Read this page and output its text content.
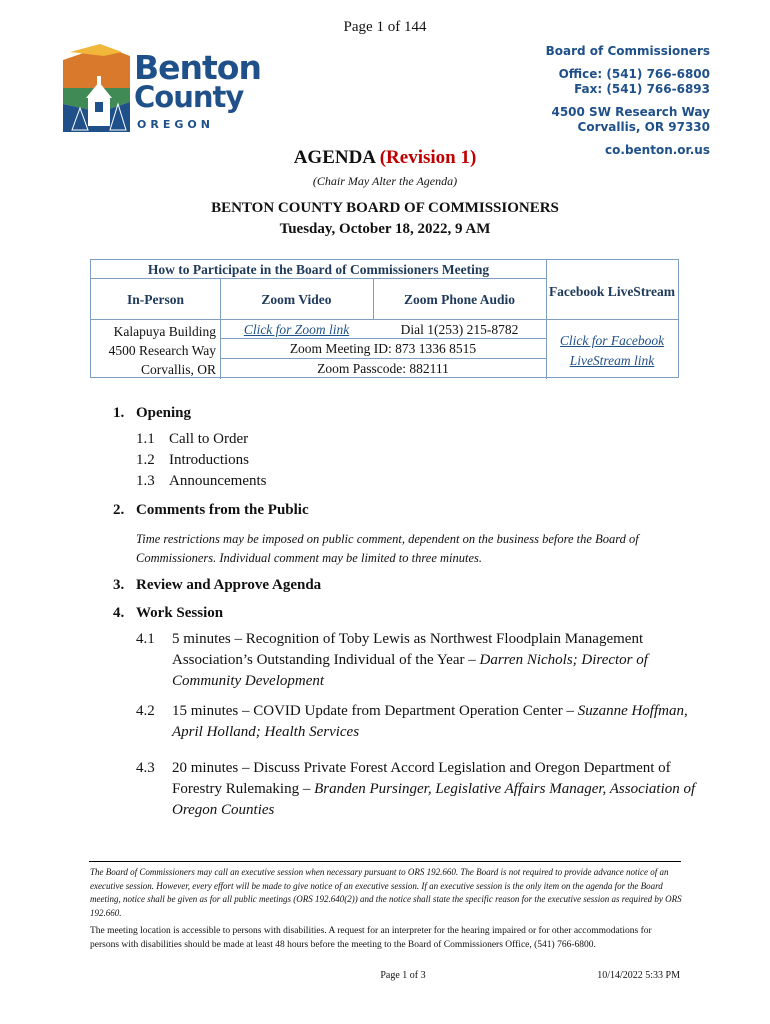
Page 1 of 144
Benton
County
OREGON
Board of Commissioners
Office: (541) 766-6800
Fax: (541) 766-6893
4500 SW Research Way
Corvallis, OR 97330
co.benton.or.us
AGENDA (Revision 1)
(Chair May Alter the Agenda)
BENTON COUNTY BOARD OF COMMISSIONERS
Tuesday, October 18, 2022, 9 AM
How to Participate in the Board of Commissioners Meeting
In-Person	Zoom Video	Zoom Phone Audio
Facebook LiveStream
Kalapuya Building
4500 Research Way
Corvallis, OR
Click for Zoom link	Dial 1(253) 215-8782
Zoom Meeting ID: 873 1336 8515
Zoom Passcode: 882111
Click for Facebook
LiveStream link
1. Opening
1.1 Call to Order
1.2 Introductions
1.3 Announcements
2. Comments from the Public
Time restrictions may be imposed on public comment, dependent on the business before the Board of Commissioners. Individual comment may be limited to three minutes.
3. Review and Approve Agenda
4. Work Session
4.1 5 minutes – Recognition of Toby Lewis as Northwest Floodplain Management Association’s Outstanding Individual of the Year – Darren Nichols; Director of Community Development
4.2 15 minutes – COVID Update from Department Operation Center – Suzanne Hoffman, April Holland; Health Services
4.3 20 minutes – Discuss Private Forest Accord Legislation and Oregon Department of Forestry Rulemaking – Branden Pursinger, Legislative Affairs Manager, Association of Oregon Counties
The Board of Commissioners may call an executive session when necessary pursuant to ORS 192.660. The Board is not required to provide advance notice of an executive session. However, every effort will be made to give notice of an executive session. If an executive session is the only item on the agenda for the Board meeting, notice shall be given as for all public meetings (ORS 192.640(2)) and the notice shall state the specific reason for the executive session as required by ORS 192.660.
The meeting location is accessible to persons with disabilities. A request for an interpreter for the hearing impaired or for other accommodations for persons with disabilities should be made at least 48 hours before the meeting to the Board of Commissioners Office, (541) 766-6800.
Page 1 of 3	10/14/2022 5:33 PM
